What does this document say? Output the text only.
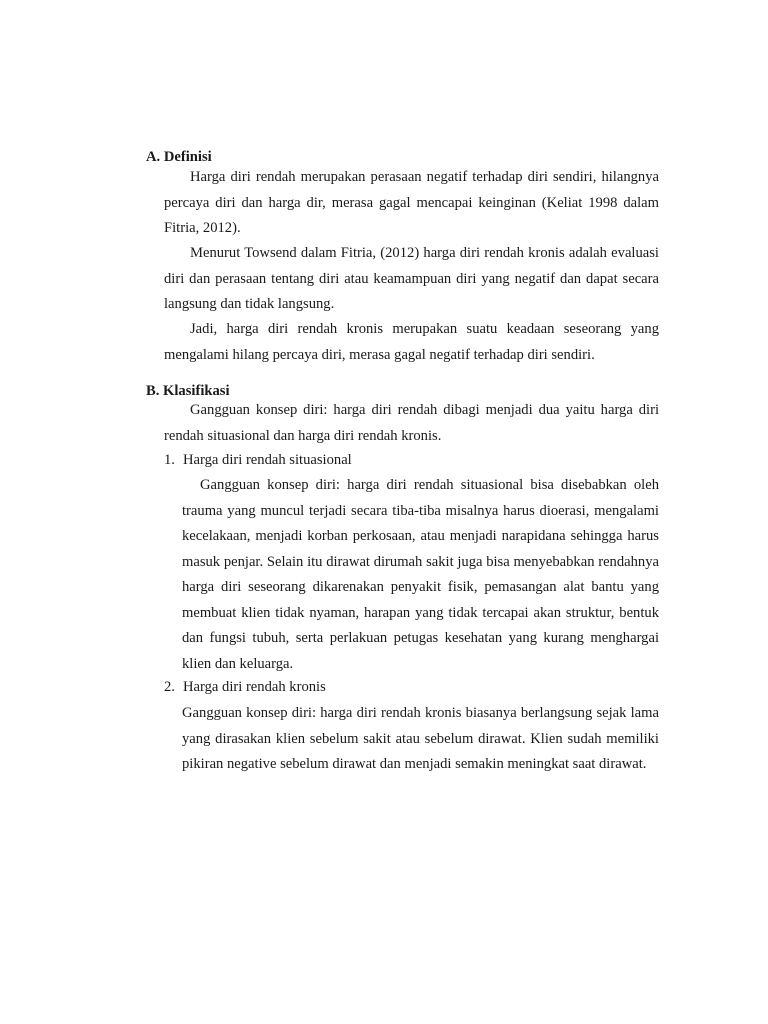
A. Definisi

Harga diri rendah merupakan perasaan negatif terhadap diri sendiri, hilangnya percaya diri dan harga dir, merasa gagal mencapai keinginan (Keliat 1998 dalam Fitria, 2012).

Menurut Towsend dalam Fitria, (2012) harga diri rendah kronis adalah evaluasi diri dan perasaan tentang diri atau keamampuan diri yang negatif dan dapat secara langsung dan tidak langsung.

Jadi, harga diri rendah kronis merupakan suatu keadaan seseorang yang mengalami hilang percaya diri, merasa gagal negatif terhadap diri sendiri.

B. Klasifikasi

Gangguan konsep diri: harga diri rendah dibagi menjadi dua yaitu harga diri rendah situasional dan harga diri rendah kronis.

1. Harga diri rendah situasional

Gangguan konsep diri: harga diri rendah situasional bisa disebabkan oleh trauma yang muncul terjadi secara tiba-tiba misalnya harus dioerasi, mengalami kecelakaan, menjadi korban perkosaan, atau menjadi narapidana sehingga harus masuk penjar. Selain itu dirawat dirumah sakit juga bisa menyebabkan rendahnya harga diri seseorang dikarenakan penyakit fisik, pemasangan alat bantu yang membuat klien tidak nyaman, harapan yang tidak tercapai akan struktur, bentuk dan fungsi tubuh, serta perlakuan petugas kesehatan yang kurang menghargai klien dan keluarga.

2. Harga diri rendah kronis

Gangguan konsep diri: harga diri rendah kronis biasanya berlangsung sejak lama yang dirasakan klien sebelum sakit atau sebelum dirawat. Klien sudah memiliki pikiran negative sebelum dirawat dan menjadi semakin meningkat saat dirawat.
